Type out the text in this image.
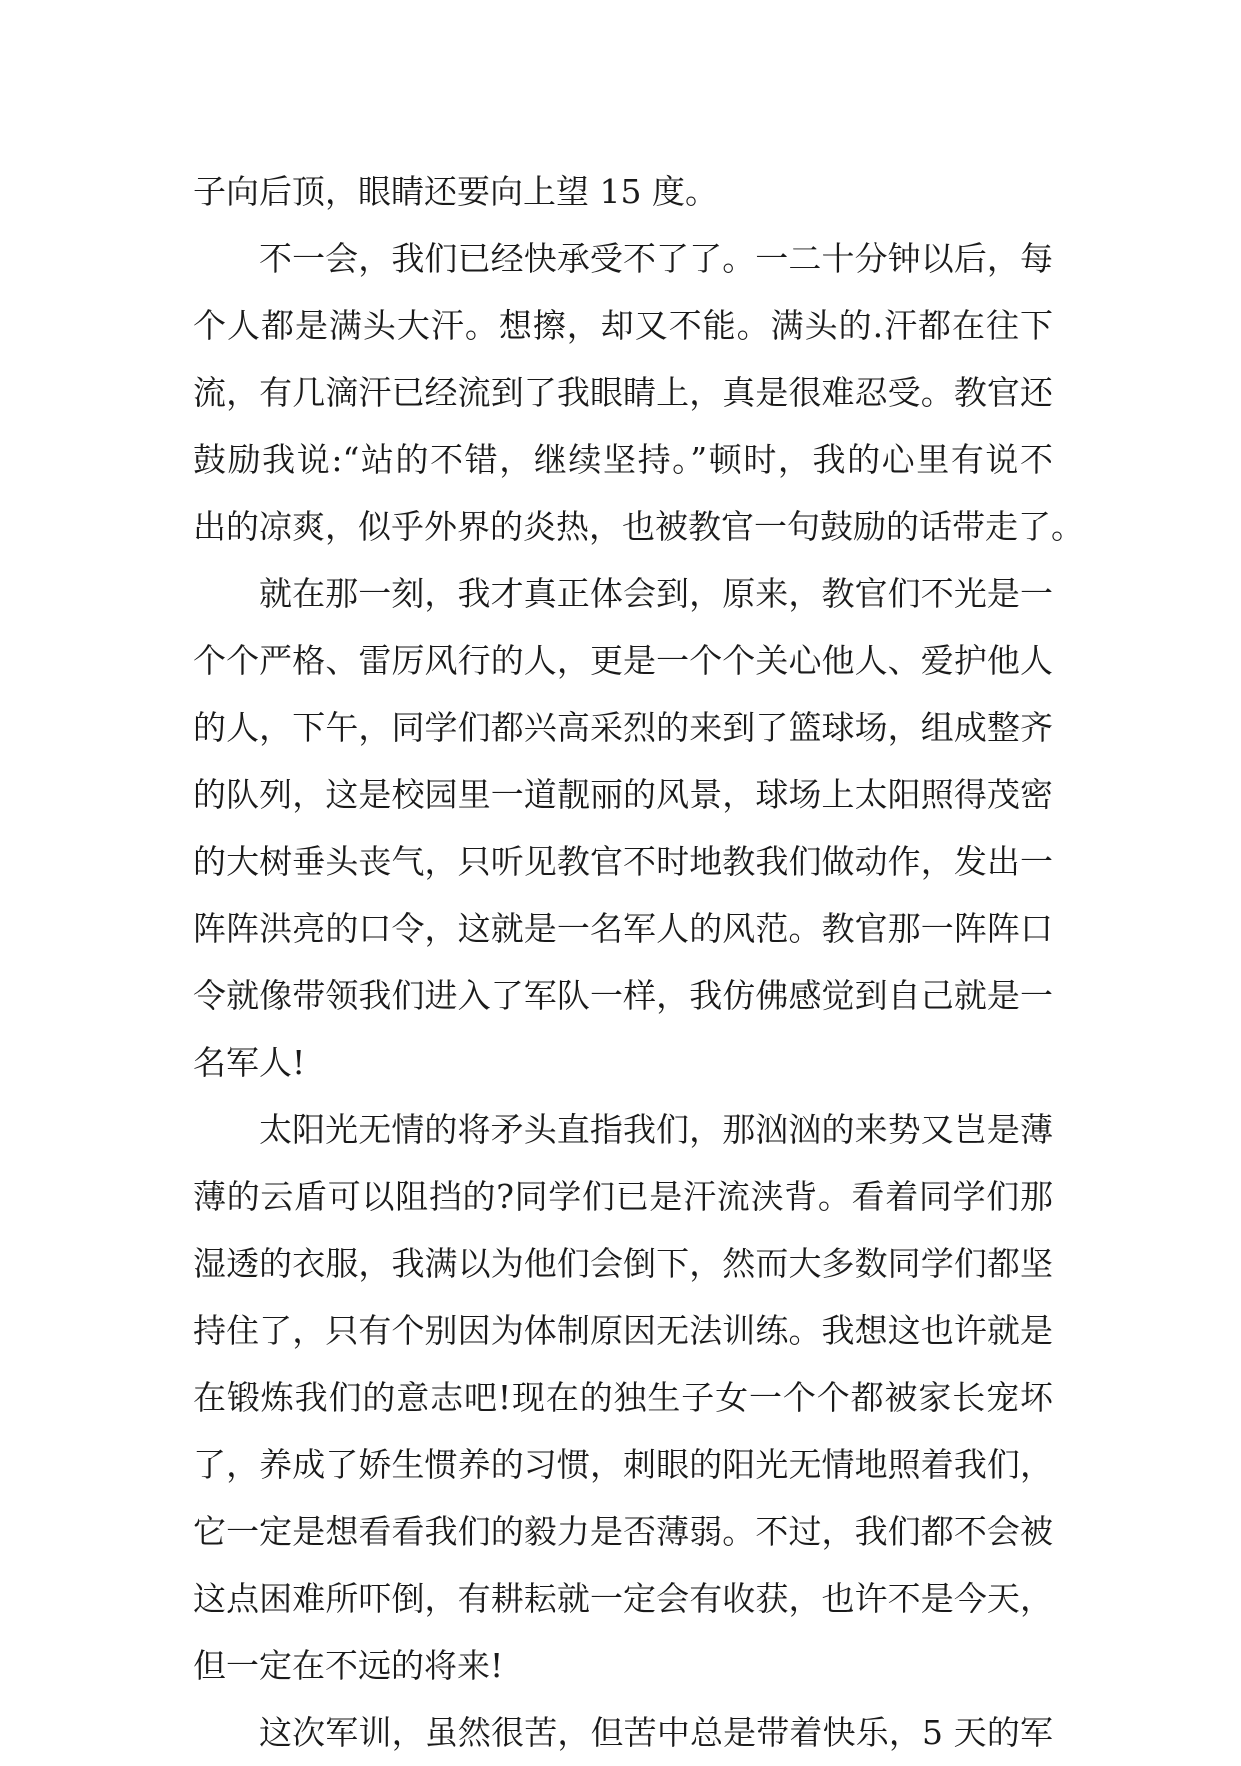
子向后顶，眼睛还要向上望 15 度。
不一会，我们已经快承受不了了。一二十分钟以后，每
个人都是满头大汗。想擦，却又不能。满头的.汗都在往下
流，有几滴汗已经流到了我眼睛上，真是很难忍受。教官还
鼓励我说:“站的不错，继续坚持。”顿时，我的心里有说不
出的凉爽，似乎外界的炎热，也被教官一句鼓励的话带走了。
就在那一刻，我才真正体会到，原来，教官们不光是一
个个严格、雷厉风行的人，更是一个个关心他人、爱护他人
的人，下午，同学们都兴高采烈的来到了篮球场，组成整齐
的队列，这是校园里一道靓丽的风景，球场上太阳照得茂密
的大树垂头丧气，只听见教官不时地教我们做动作，发出一
阵阵洪亮的口令，这就是一名军人的风范。教官那一阵阵口
令就像带领我们进入了军队一样，我仿佛感觉到自己就是一
名军人!
太阳光无情的将矛头直指我们，那汹汹的来势又岂是薄
薄的云盾可以阻挡的?同学们已是汗流浃背。看着同学们那
湿透的衣服，我满以为他们会倒下，然而大多数同学们都坚
持住了，只有个别因为体制原因无法训练。我想这也许就是
在锻炼我们的意志吧!现在的独生子女一个个都被家长宠坏
了，养成了娇生惯养的习惯，刺眼的阳光无情地照着我们，
它一定是想看看我们的毅力是否薄弱。不过，我们都不会被
这点困难所吓倒，有耕耘就一定会有收获，也许不是今天，
但一定在不远的将来!
这次军训，虽然很苦，但苦中总是带着快乐，5 天的军
